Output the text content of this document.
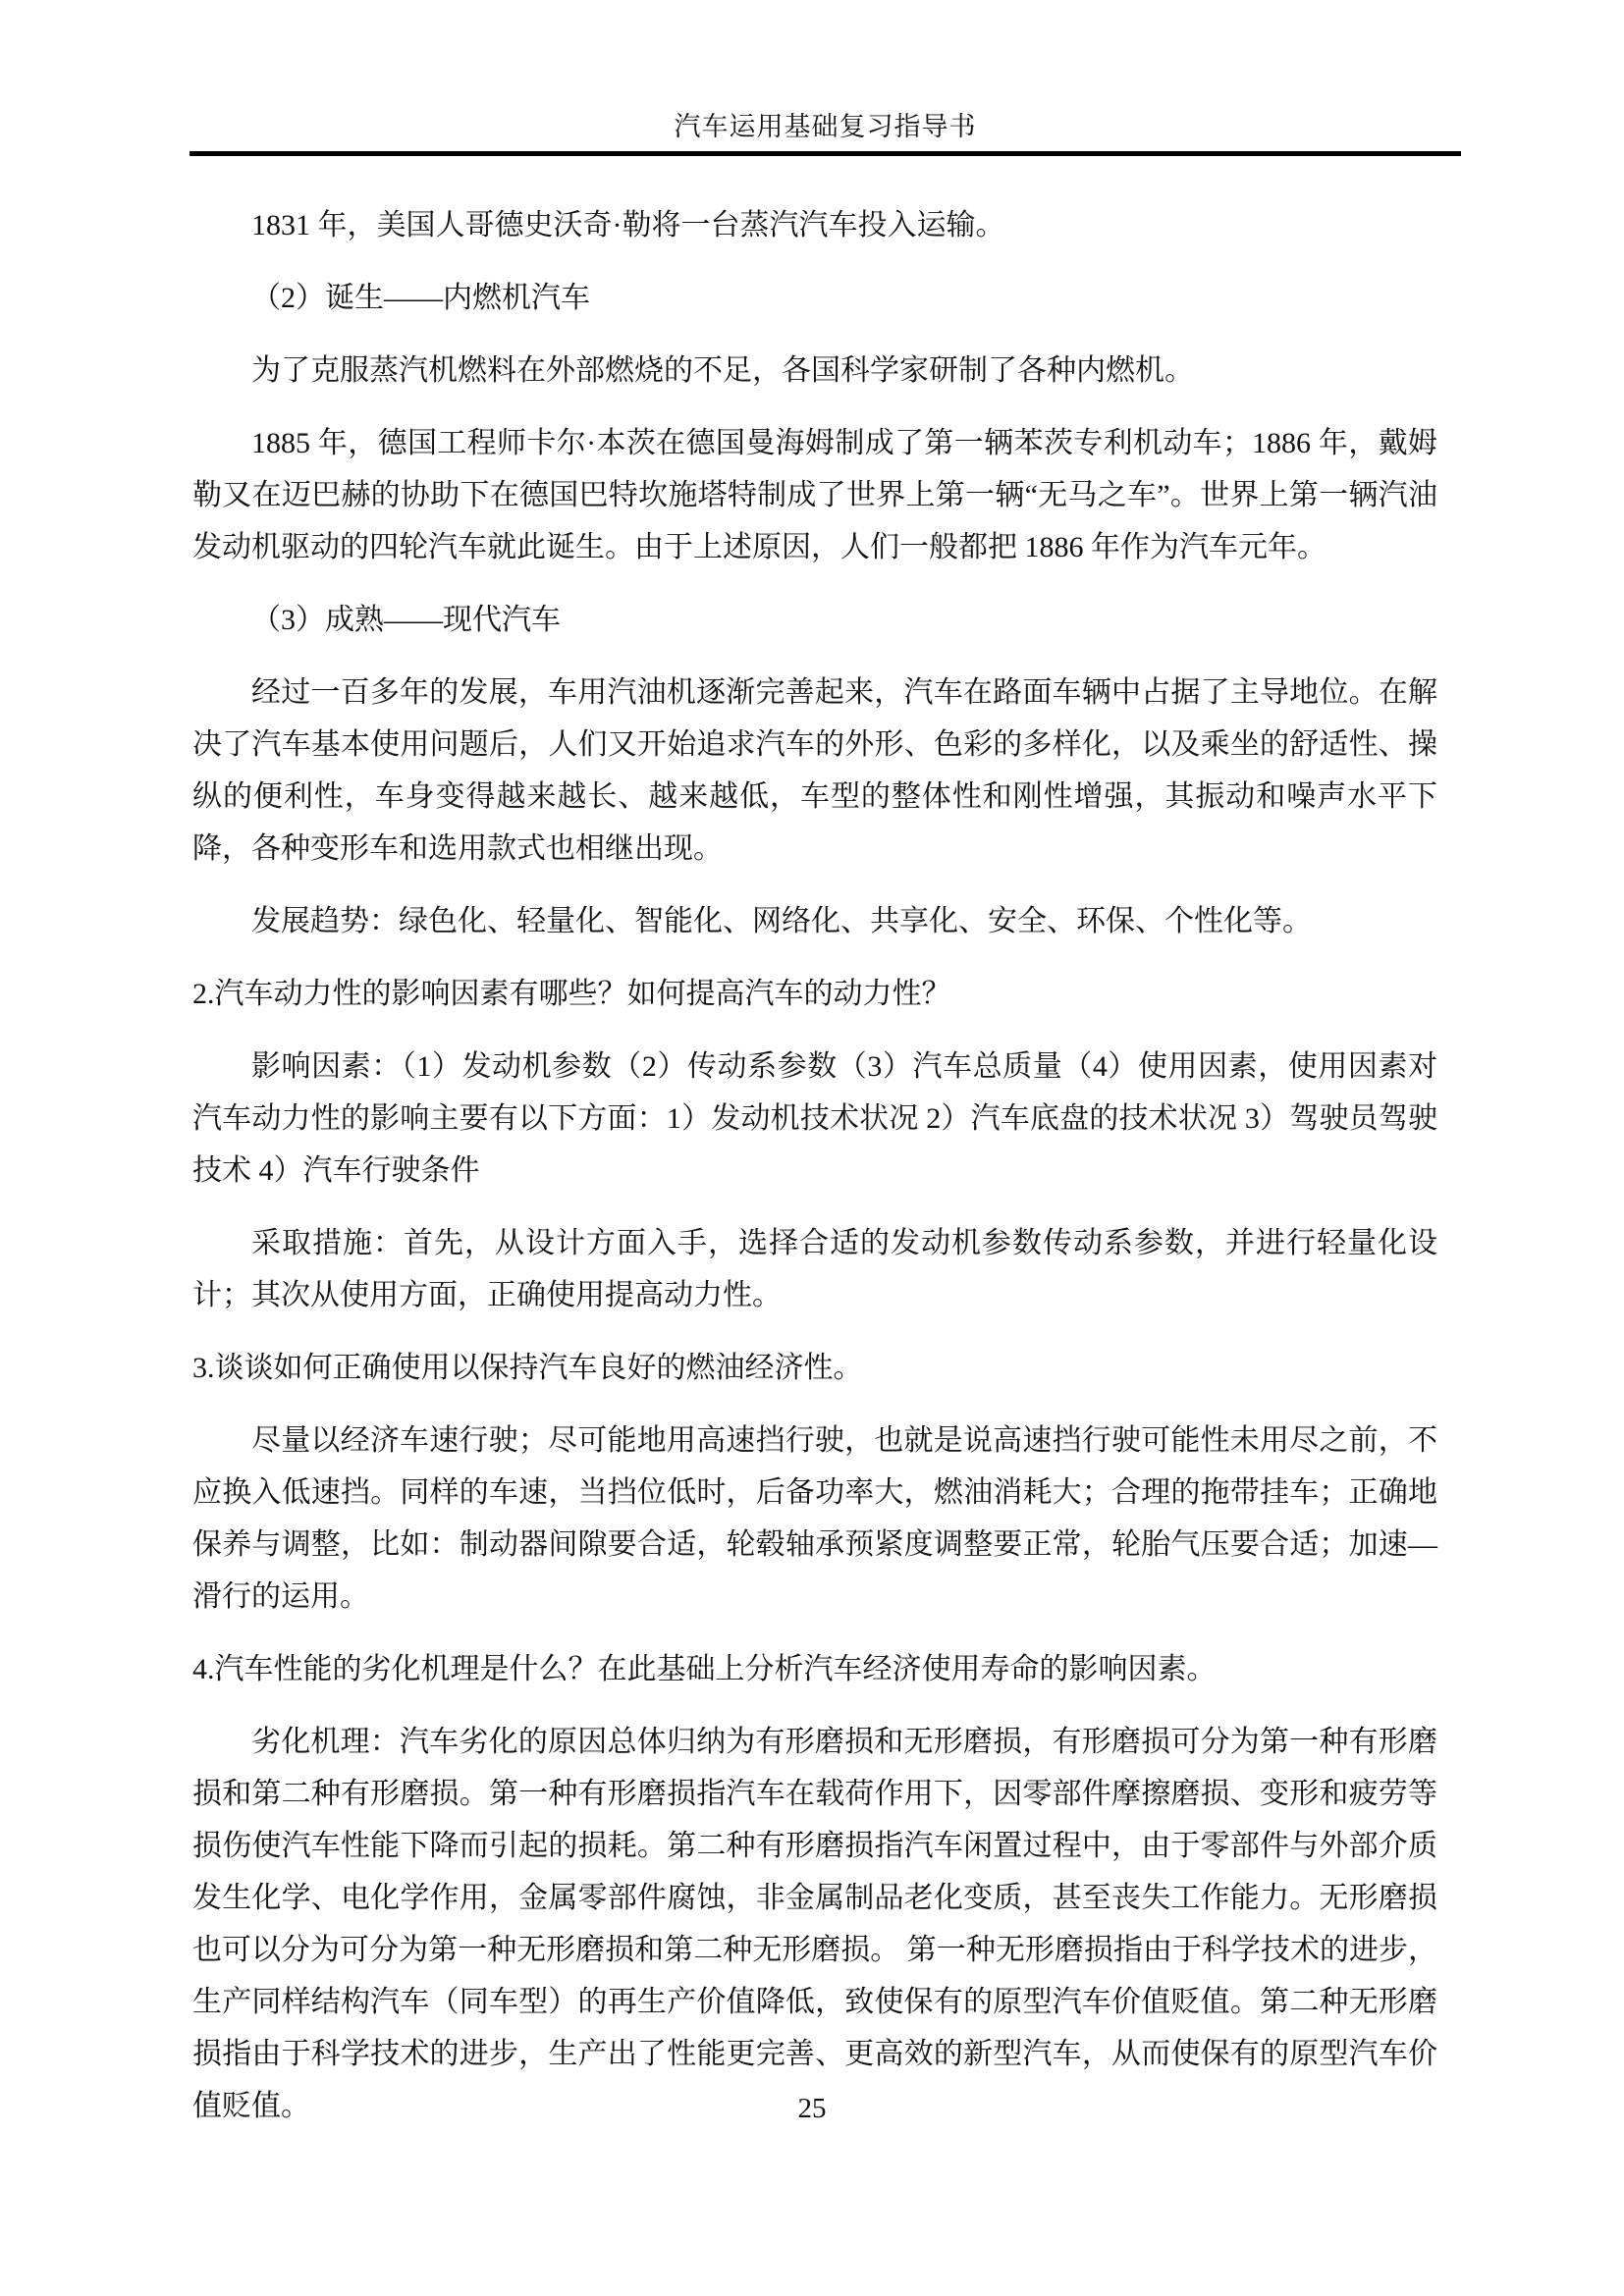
汽车运用基础复习指导书

1831 年，美国人哥德史沃奇·勒将一台蒸汽汽车投入运输。

（2）诞生——内燃机汽车

为了克服蒸汽机燃料在外部燃烧的不足，各国科学家研制了各种内燃机。

1885 年，德国工程师卡尔·本茨在德国曼海姆制成了第一辆苯茨专利机动车；1886 年，戴姆勒又在迈巴赫的协助下在德国巴特坎施塔特制成了世界上第一辆“无马之车”。世界上第一辆汽油发动机驱动的四轮汽车就此诞生。由于上述原因，人们一般都把 1886 年作为汽车元年。

（3）成熟——现代汽车

经过一百多年的发展，车用汽油机逐渐完善起来，汽车在路面车辆中占据了主导地位。在解决了汽车基本使用问题后，人们又开始追求汽车的外形、色彩的多样化，以及乘坐的舒适性、操纵的便利性，车身变得越来越长、越来越低，车型的整体性和刚性增强，其振动和噪声水平下降，各种变形车和选用款式也相继出现。

发展趋势：绿色化、轻量化、智能化、网络化、共享化、安全、环保、个性化等。

2.汽车动力性的影响因素有哪些？如何提高汽车的动力性？

影响因素：（1）发动机参数（2）传动系参数（3）汽车总质量（4）使用因素，使用因素对汽车动力性的影响主要有以下方面：1）发动机技术状况 2）汽车底盘的技术状况 3）驾驶员驾驶技术 4）汽车行驶条件

采取措施：首先，从设计方面入手，选择合适的发动机参数传动系参数，并进行轻量化设计；其次从使用方面，正确使用提高动力性。

3.谈谈如何正确使用以保持汽车良好的燃油经济性。

尽量以经济车速行驶；尽可能地用高速挡行驶，也就是说高速挡行驶可能性未用尽之前，不应换入低速挡。同样的车速，当挡位低时，后备功率大，燃油消耗大；合理的拖带挂车；正确地保养与调整，比如：制动器间隙要合适，轮毂轴承预紧度调整要正常，轮胎气压要合适；加速—滑行的运用。

4.汽车性能的劣化机理是什么？在此基础上分析汽车经济使用寿命的影响因素。

劣化机理：汽车劣化的原因总体归纳为有形磨损和无形磨损，有形磨损可分为第一种有形磨损和第二种有形磨损。第一种有形磨损指汽车在载荷作用下，因零部件摩擦磨损、变形和疲劳等损伤使汽车性能下降而引起的损耗。第二种有形磨损指汽车闲置过程中，由于零部件与外部介质发生化学、电化学作用，金属零部件腐蚀，非金属制品老化变质，甚至丧失工作能力。无形磨损也可以分为可分为第一种无形磨损和第二种无形磨损。 第一种无形磨损指由于科学技术的进步，生产同样结构汽车（同车型）的再生产价值降低，致使保有的原型汽车价值贬值。第二种无形磨损指由于科学技术的进步，生产出了性能更完善、更高效的新型汽车，从而使保有的原型汽车价值贬值。	25
